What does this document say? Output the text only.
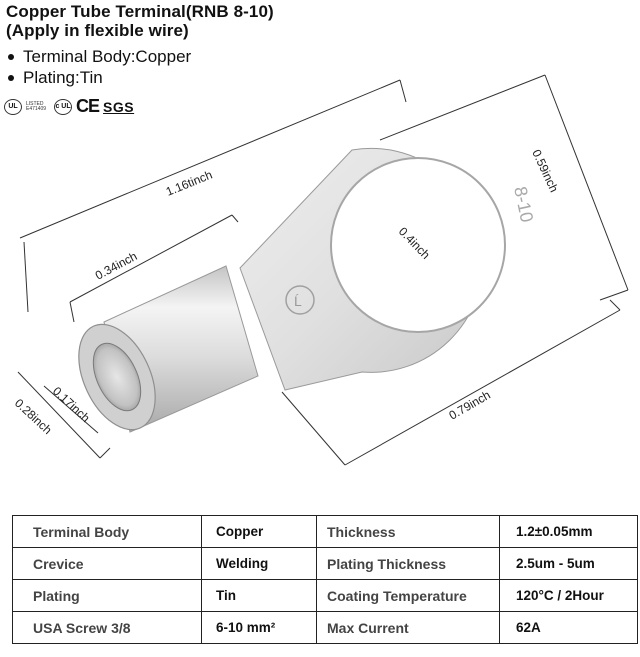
Copper Tube Terminal(RNB 8-10)
(Apply in flexible wire)
Terminal Body:Copper
Plating:Tin
UL	LISTED
E471409 c UL CE SGS
Ĺ
1.16tinch	0.59inch
0.4inch
0.34inch
0.17inch
0.28inch	0.79inch
8-10
Terminal Body	Copper	Thickness	1.2±0.05mm
Crevice	Welding	Plating Thickness	2.5um - 5um
Plating	Tin	Coating Temperature	120°C / 2Hour
USA Screw 3/8	6-10 mm²	Max Current	62A
